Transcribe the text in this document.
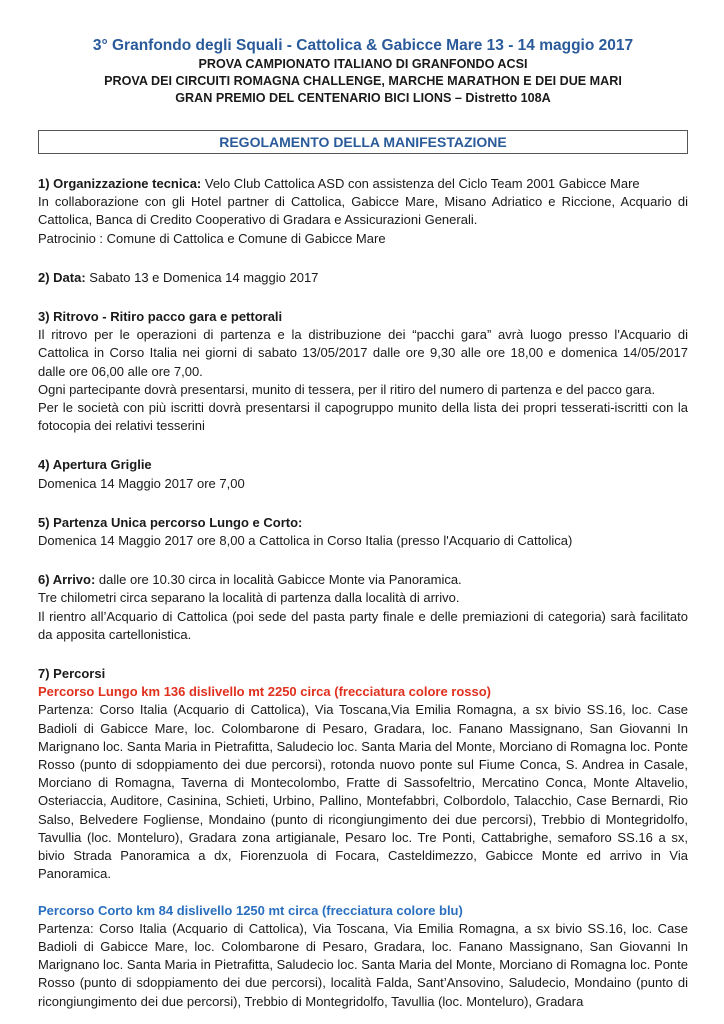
3° Granfondo degli Squali - Cattolica & Gabicce Mare 13 - 14 maggio 2017

PROVA CAMPIONATO ITALIANO DI GRANFONDO ACSI

PROVA DEI CIRCUITI ROMAGNA CHALLENGE, MARCHE MARATHON E DEI DUE MARI

GRAN PREMIO DEL CENTENARIO BICI LIONS – Distretto 108A

REGOLAMENTO DELLA MANIFESTAZIONE

1) Organizzazione tecnica: Velo Club Cattolica ASD con assistenza del Ciclo Team 2001 Gabicce Mare

In collaborazione con gli Hotel partner di Cattolica, Gabicce Mare, Misano Adriatico e Riccione, Acquario di Cattolica, Banca di Credito Cooperativo di Gradara e Assicurazioni Generali.

Patrocinio : Comune di Cattolica e Comune di Gabicce Mare

2) Data: Sabato 13 e Domenica 14 maggio 2017

3) Ritrovo - Ritiro pacco gara e pettorali

Il ritrovo per le operazioni di partenza e la distribuzione dei “pacchi gara” avrà luogo presso l'Acquario di Cattolica in Corso Italia nei giorni di sabato 13/05/2017 dalle ore 9,30 alle ore 18,00 e domenica 14/05/2017 dalle ore 06,00 alle ore 7,00.

Ogni partecipante dovrà presentarsi, munito di tessera, per il ritiro del numero di partenza e del pacco gara.

Per le società con più iscritti dovrà presentarsi il capogruppo munito della lista dei propri tesserati-iscritti con la fotocopia dei relativi tesserini

4) Apertura Griglie

Domenica 14 Maggio 2017 ore 7,00

5) Partenza Unica percorso Lungo e Corto:

Domenica 14 Maggio 2017 ore 8,00 a Cattolica in Corso Italia (presso l'Acquario di Cattolica)

6) Arrivo: dalle ore 10.30 circa in località Gabicce Monte via Panoramica.

Tre chilometri circa separano la località di partenza dalla località di arrivo.

Il rientro all’Acquario di Cattolica (poi sede del pasta party finale e delle premiazioni di categoria) sarà facilitato da apposita cartellonistica.

7) Percorsi

Percorso Lungo km 136 dislivello mt 2250 circa (frecciatura colore rosso)

Partenza: Corso Italia (Acquario di Cattolica), Via Toscana,Via Emilia Romagna, a sx bivio SS.16, loc. Case Badioli di Gabicce Mare, loc. Colombarone di Pesaro, Gradara, loc. Fanano Massignano, San Giovanni In Marignano loc. Santa Maria in Pietrafitta, Saludecio loc. Santa Maria del Monte, Morciano di Romagna loc. Ponte Rosso (punto di sdoppiamento dei due percorsi), rotonda nuovo ponte sul Fiume Conca, S. Andrea in Casale, Morciano di Romagna, Taverna di Montecolombo, Fratte di Sassofeltrio, Mercatino Conca, Monte Altavelio, Osteriaccia, Auditore, Casinina, Schieti, Urbino, Pallino, Montefabbri, Colbordolo, Talacchio, Case Bernardi, Rio Salso, Belvedere Fogliense, Mondaino (punto di ricongiungimento dei due percorsi), Trebbio di Montegridolfo, Tavullia (loc. Monteluro), Gradara zona artigianale, Pesaro loc. Tre Ponti, Cattabrighe, semaforo SS.16 a sx, bivio Strada Panoramica a dx, Fiorenzuola di Focara, Casteldimezzo, Gabicce Monte ed arrivo in Via Panoramica.

Percorso Corto km 84 dislivello 1250 mt circa (frecciatura colore blu)

Partenza: Corso Italia (Acquario di Cattolica), Via Toscana, Via Emilia Romagna, a sx bivio SS.16, loc. Case Badioli di Gabicce Mare, loc. Colombarone di Pesaro, Gradara, loc. Fanano Massignano, San Giovanni In Marignano loc. Santa Maria in Pietrafitta, Saludecio loc. Santa Maria del Monte, Morciano di Romagna loc. Ponte Rosso (punto di sdoppiamento dei due percorsi), località Falda, Sant’Ansovino, Saludecio, Mondaino (punto di ricongiungimento dei due percorsi), Trebbio di Montegridolfo, Tavullia (loc. Monteluro), Gradara
